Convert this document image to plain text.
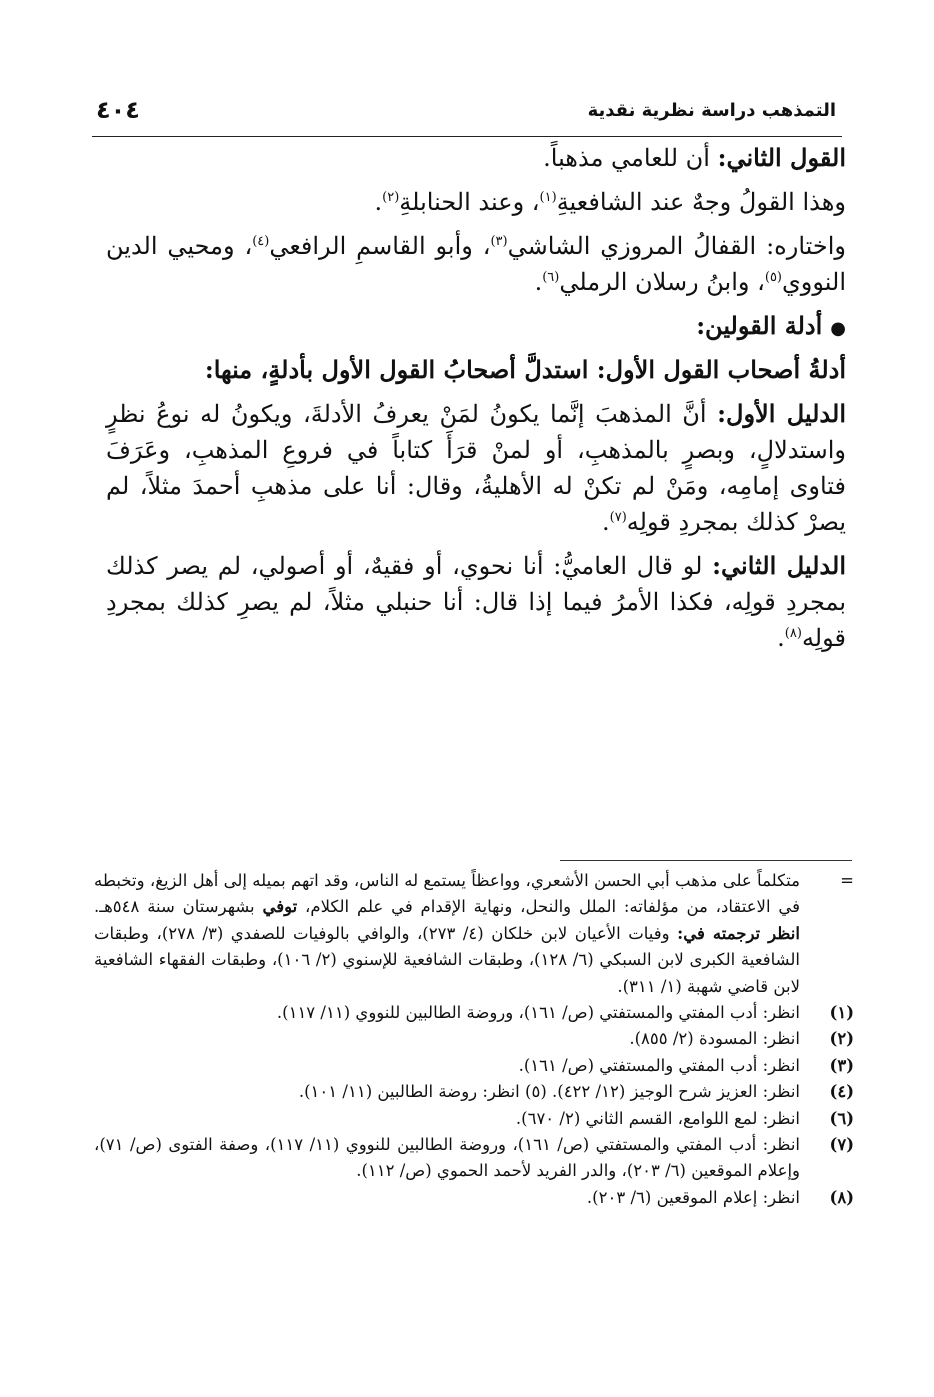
التمذهب دراسة نظرية نقدية
٤٠٤

القول الثاني: أن للعامي مذهباً.

وهذا القولُ وجهٌ عند الشافعيةِ$^{(١)}$، وعند الحنابلةِ$^{(٢)}$.

واختاره: القفالُ المروزي الشاشي$^{(٣)}$، وأبو القاسمِ الرافعي$^{(٤)}$، ومحيي الدين النووي$^{(٥)}$، وابنُ رسلان الرملي$^{(٦)}$.

●أدلة القولين:

أدلةُ أصحاب القول الأول: استدلَّ أصحابُ القول الأول بأدلةٍ، منها:

الدليل الأول: أنَّ المذهبَ إنَّما يكونُ لمَنْ يعرفُ الأدلةَ، ويكونُ له نوعُ نظرٍ واستدلالٍ، وبصرٍ بالمذهبِ، أو لمنْ قرَأَ كتاباً في فروعِ المذهبِ، وعَرَفَ فتاوى إمامِه، ومَنْ لم تكنْ له الأهليةُ، وقال: أنا على مذهبِ أحمدَ مثلاً، لم يصرْ كذلك بمجردِ قولِه$^{(٧)}$.

الدليل الثاني: لو قال العاميُّ: أنا نحوي، أو فقيهٌ، أو أصولي، لم يصر كذلك بمجردِ قولِه، فكذا الأمرُ فيما إذا قال: أنا حنبلي مثلاً، لم يصرِ كذلك بمجردِ قولِه$^{(٨)}$.

=
متكلماً على مذهب أبي الحسن الأشعري، وواعظاً يستمع له الناس، وقد اتهم بميله إلى أهل الزيغ، وتخبطه في الاعتقاد، من مؤلفاته: الملل والنحل، ونهاية الإقدام في علم الكلام، توفي بشهرستان سنة ٥٤٨هـ. انظر ترجمته في: وفيات الأعيان لابن خلكان (٤/ ٢٧٣)، والوافي بالوفيات للصفدي (٣/ ٢٧٨)، وطبقات الشافعية الكبرى لابن السبكي (٦/ ١٢٨)، وطبقات الشافعية للإسنوي (٢/ ١٠٦)، وطبقات الفقهاء الشافعية لابن قاضي شهبة (١/ ٣١١).
(١)
انظر: أدب المفتي والمستفتي (ص/ ١٦١)، وروضة الطالبين للنووي (١١/ ١١٧).
(٢)
انظر: المسودة (٢/ ٨٥٥).
(٣)
انظر: أدب المفتي والمستفتي (ص/ ١٦١).
(٤)
انظر: العزيز شرح الوجيز (١٢/ ٤٢٢). (٥) انظر: روضة الطالبين (١١/ ١٠١).
(٦)
انظر: لمع اللوامع، القسم الثاني (٢/ ٦٧٠).
(٧)
انظر: أدب المفتي والمستفتي (ص/ ١٦١)، وروضة الطالبين للنووي (١١/ ١١٧)، وصفة الفتوى (ص/ ٧١)، وإعلام الموقعين (٦/ ٢٠٣)، والدر الفريد لأحمد الحموي (ص/ ١١٢).
(٨)
انظر: إعلام الموقعين (٦/ ٢٠٣).
